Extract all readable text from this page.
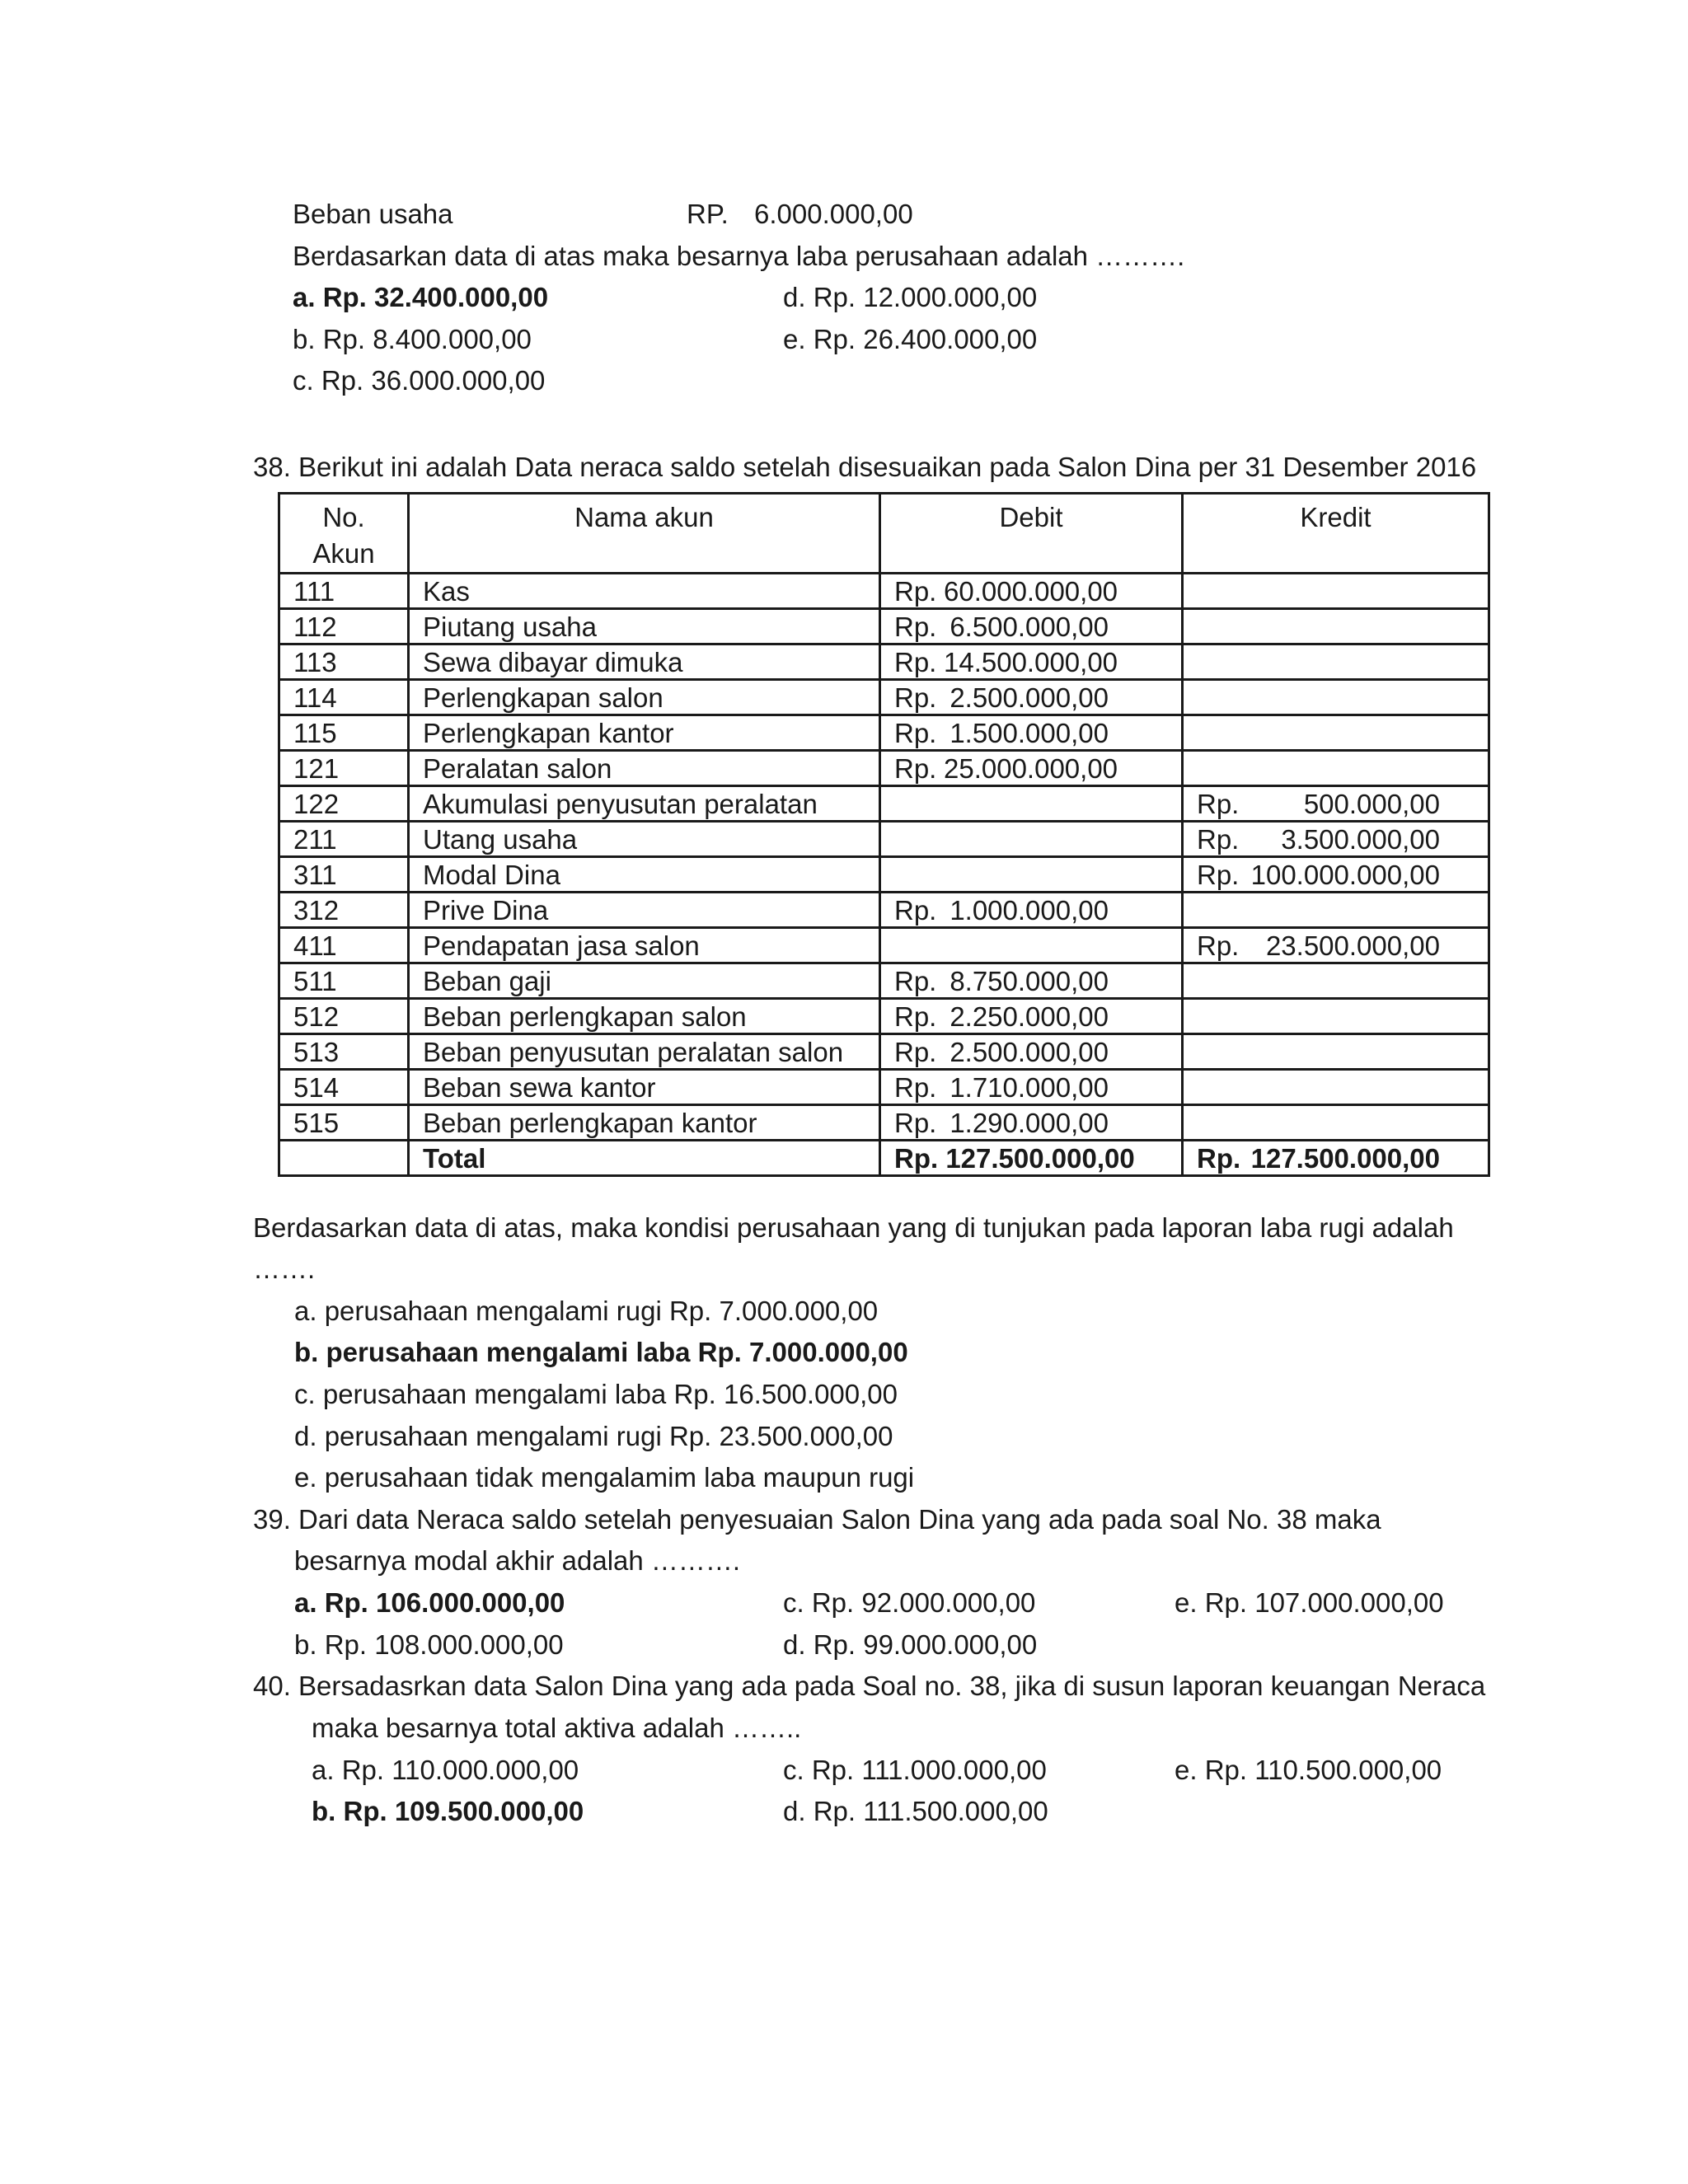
Beban usaha	RP. 6.000.000,00
Berdasarkan data di atas maka besarnya laba perusahaan adalah ……….
a. Rp. 32.400.000,00	d. Rp. 12.000.000,00
b. Rp. 8.400.000,00	e. Rp. 26.400.000,00
c. Rp. 36.000.000,00
38. Berikut ini adalah Data neraca saldo setelah disesuaikan pada Salon Dina per 31 Desember 2016
No.
Akun	Nama akun	Debit	Kredit
111	Kas	Rp. 60.000.000,00	
112	Piutang usaha	Rp. 6.500.000,00	
113	Sewa dibayar dimuka	Rp. 14.500.000,00	
114	Perlengkapan salon	Rp. 2.500.000,00	
115	Perlengkapan kantor	Rp. 1.500.000,00	
121	Peralatan salon	Rp. 25.000.000,00	
122	Akumulasi penyusutan peralatan		Rp. 500.000,00
211	Utang usaha		Rp. 3.500.000,00
311	Modal Dina		Rp. 100.000.000,00
312	Prive Dina	Rp. 1.000.000,00	
411	Pendapatan jasa salon		Rp. 23.500.000,00
511	Beban gaji	Rp. 8.750.000,00	
512	Beban perlengkapan salon	Rp. 2.250.000,00	
513	Beban penyusutan peralatan salon	Rp. 2.500.000,00	
514	Beban sewa kantor	Rp. 1.710.000,00	
515	Beban perlengkapan kantor	Rp. 1.290.000,00	
	Total	Rp. 127.500.000,00	Rp. 127.500.000,00
Berdasarkan data di atas, maka kondisi perusahaan yang di tunjukan pada laporan laba rugi adalah
…….
a. perusahaan mengalami rugi Rp. 7.000.000,00
b. perusahaan mengalami laba Rp. 7.000.000,00
c. perusahaan mengalami laba Rp. 16.500.000,00
d. perusahaan mengalami rugi Rp. 23.500.000,00
e. perusahaan tidak mengalamim laba maupun rugi
39. Dari data Neraca saldo setelah penyesuaian Salon Dina yang ada pada soal No. 38 maka
besarnya modal akhir adalah ……….
a. Rp. 106.000.000,00	c. Rp. 92.000.000,00	e. Rp. 107.000.000,00
b. Rp. 108.000.000,00	d. Rp. 99.000.000,00
40. Bersadasrkan data Salon Dina yang ada pada Soal no. 38, jika di susun laporan keuangan Neraca
maka besarnya total aktiva adalah ……..
a. Rp. 110.000.000,00	c. Rp. 111.000.000,00	e. Rp. 110.500.000,00
b. Rp. 109.500.000,00	d. Rp. 111.500.000,00
